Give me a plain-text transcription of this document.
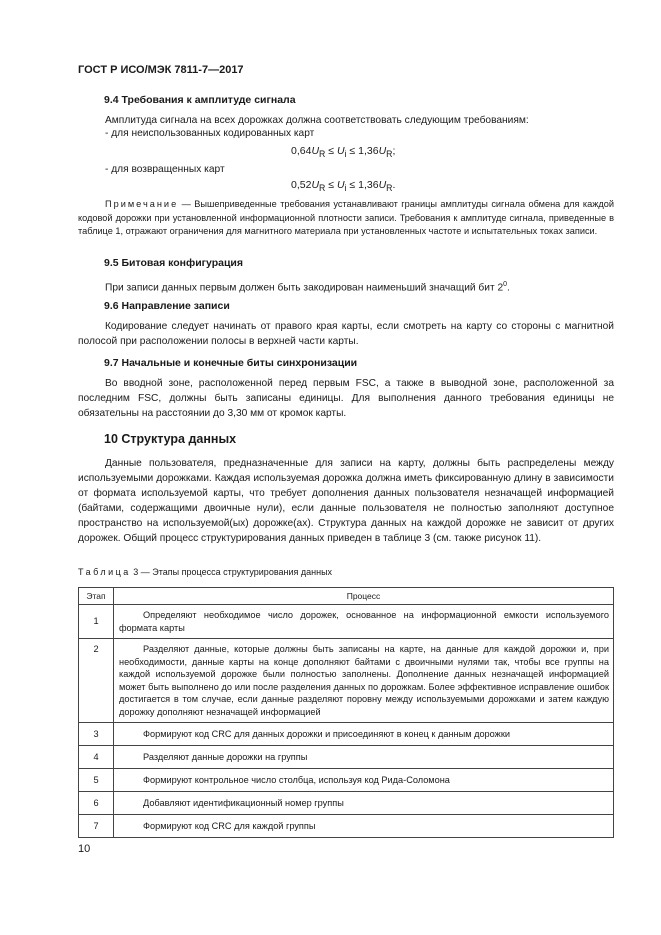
ГОСТ Р ИСО/МЭК 7811-7—2017
9.4 Требования к амплитуде сигнала
Амплитуда сигнала на всех дорожках должна соответствовать следующим требованиям:
- для неиспользованных кодированных карт
$0,64U_R \le U_i \le 1,36U_R$;
- для возвращенных карт
$0,52U_R \le U_i \le 1,36U_R$.
Примечание — Вышеприведенные требования устанавливают границы амплитуды сигнала обмена для каждой кодовой дорожки при установленной информационной плотности записи. Требования к амплитуде сигнала, приведенные в таблице 1, отражают ограничения для магнитного материала при установленных частоте и испытательных токах записи.
9.5 Битовая конфигурация
При записи данных первым должен быть закодирован наименьший значащий бит $2^0$.
9.6 Направление записи
Кодирование следует начинать от правого края карты, если смотреть на карту со стороны с магнитной полосой при расположении полосы в верхней части карты.
9.7 Начальные и конечные биты синхронизации
Во вводной зоне, расположенной перед первым FSC, а также в выводной зоне, расположенной за последним FSC, должны быть записаны единицы. Для выполнения данного требования единицы не обязательны на расстоянии до 3,30 мм от кромок карты.
10 Структура данных
Данные пользователя, предназначенные для записи на карту, должны быть распределены между используемыми дорожками. Каждая используемая дорожка должна иметь фиксированную длину в зависимости от формата используемой карты, что требует дополнения данных пользователя незначащей информацией (байтами, содержащими двоичные нули), если данные пользователя не полностью заполняют доступное пространство на используемой(ых) дорожке(ах). Структура данных на каждой дорожке не зависит от других дорожек. Общий процесс структурирования данных приведен в таблице 3 (см. также рисунок 11).
Таблица 3 — Этапы процесса структурирования данных
Этап	Процесс
1	Определяют необходимое число дорожек, основанное на информационной емкости используемого формата карты

2	Разделяют данные, которые должны быть записаны на карте, на данные для каждой дорожки и, при необходимости, данные карты на конце дополняют байтами с двоичными нулями так, чтобы все группы на каждой используемой дорожке были полностью заполнены. Дополнение данных незначащей информацией может быть выполнено до или после разделения данных по дорожкам. Более эффективное исправление ошибок достигается в том случае, если данные разделяют поровну между используемыми дорожками и затем каждую дорожку дополняют незначащей информацией

3	Формируют код CRC для данных дорожки и присоединяют в конец к данным дорожки

4	Разделяют данные дорожки на группы

5	Формируют контрольное число столбца, используя код Рида-Соломона

6	Добавляют идентификационный номер группы

7	Формируют код CRC для каждой группы
10
